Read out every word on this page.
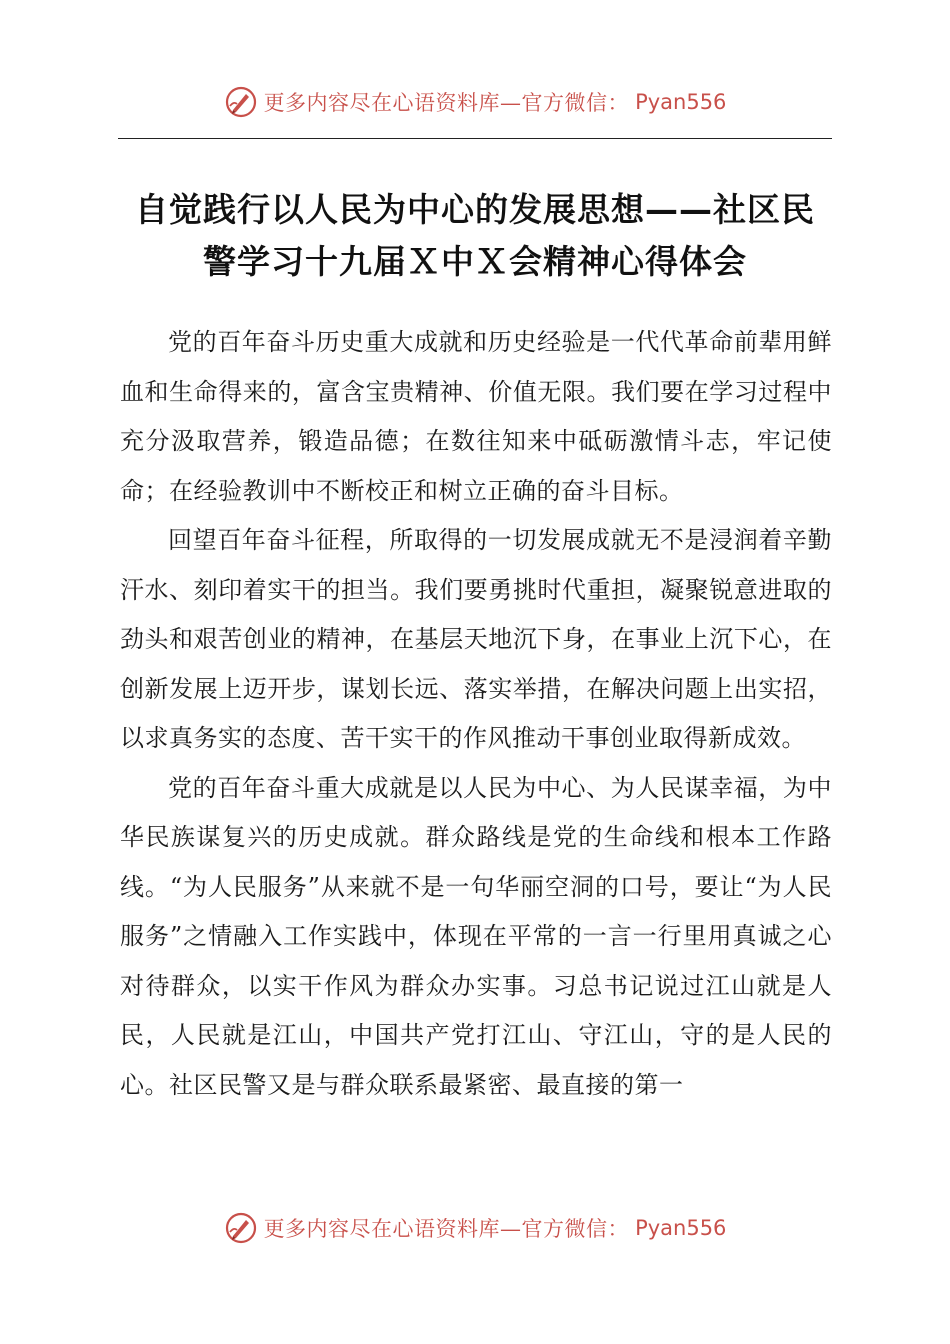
更多内容尽在心语资料库—官方微信： Pyan556
自觉践行以人民为中心的发展思想——社区民
警学习十九届Ｘ中Ｘ会精神心得体会

党的百年奋斗历史重大成就和历史经验是一代代革命前辈用鲜血和生命得来的，富含宝贵精神、价值无限。我们要在学习过程中充分汲取营养，锻造品德；在数往知来中砥砺激情斗志，牢记使命；在经验教训中不断校正和树立正确的奋斗目标。

回望百年奋斗征程，所取得的一切发展成就无不是浸润着辛勤汗水、刻印着实干的担当。我们要勇挑时代重担，凝聚锐意进取的劲头和艰苦创业的精神，在基层天地沉下身，在事业上沉下心，在创新发展上迈开步，谋划长远、落实举措，在解决问题上出实招，以求真务实的态度、苦干实干的作风推动干事创业取得新成效。

党的百年奋斗重大成就是以人民为中心、为人民谋幸福，为中华民族谋复兴的历史成就。群众路线是党的生命线和根本工作路线。“为人民服务”从来就不是一句华丽空洞的口号，要让“为人民服务”之情融入工作实践中，体现在平常的一言一行里用真诚之心对待群众，以实干作风为群众办实事。习总书记说过江山就是人民，人民就是江山，中国共产党打江山、守江山，守的是人民的心。社区民警又是与群众联系最紧密、最直接的第一

更多内容尽在心语资料库—官方微信： Pyan556
